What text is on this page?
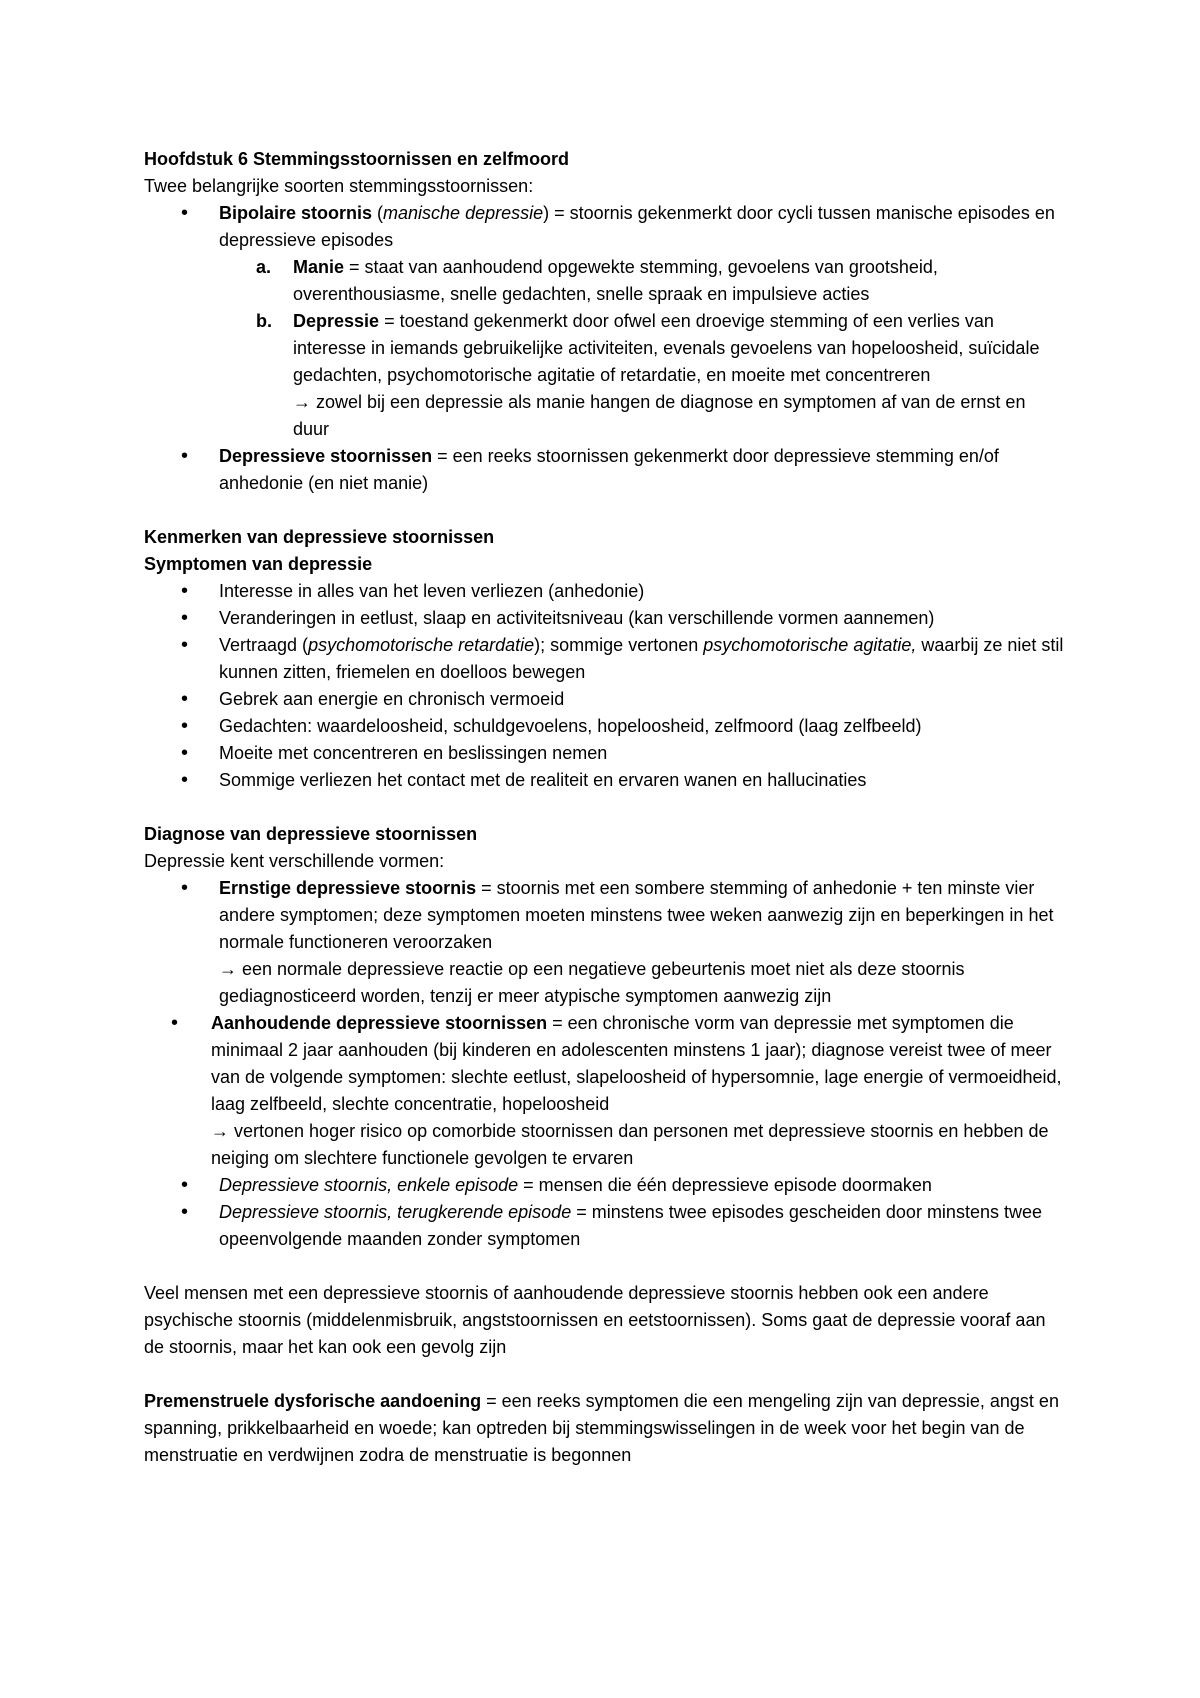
Hoofdstuk 6 Stemmingsstoornissen en zelfmoord

Twee belangrijke soorten stemmingsstoornissen:

• Bipolaire stoornis (manische depressie) = stoornis gekenmerkt door cycli tussen manische episodes en depressieve episodes
a. Manie = staat van aanhoudend opgewekte stemming, gevoelens van grootsheid, overenthousiasme, snelle gedachten, snelle spraak en impulsieve acties
b. Depressie = toestand gekenmerkt door ofwel een droevige stemming of een verlies van interesse in iemands gebruikelijke activiteiten, evenals gevoelens van hopeloosheid, suïcidale gedachten, psychomotorische agitatie of retardatie, en moeite met concentreren

→ zowel bij een depressie als manie hangen de diagnose en symptomen af van de ernst en duur

• Depressieve stoornissen = een reeks stoornissen gekenmerkt door depressieve stemming en/of anhedonie (en niet manie)

Kenmerken van depressieve stoornissen

Symptomen van depressie

• Interesse in alles van het leven verliezen (anhedonie)
• Veranderingen in eetlust, slaap en activiteitsniveau (kan verschillende vormen aannemen)
• Vertraagd (psychomotorische retardatie); sommige vertonen psychomotorische agitatie, waarbij ze niet stil kunnen zitten, friemelen en doelloos bewegen
• Gebrek aan energie en chronisch vermoeid
• Gedachten: waardeloosheid, schuldgevoelens, hopeloosheid, zelfmoord (laag zelfbeeld)
• Moeite met concentreren en beslissingen nemen
• Sommige verliezen het contact met de realiteit en ervaren wanen en hallucinaties

Diagnose van depressieve stoornissen

Depressie kent verschillende vormen:

• Ernstige depressieve stoornis = stoornis met een sombere stemming of anhedonie + ten minste vier andere symptomen; deze symptomen moeten minstens twee weken aanwezig zijn en beperkingen in het normale functioneren veroorzaken

→ een normale depressieve reactie op een negatieve gebeurtenis moet niet als deze stoornis gediagnosticeerd worden, tenzij er meer atypische symptomen aanwezig zijn

• Aanhoudende depressieve stoornissen = een chronische vorm van depressie met symptomen die minimaal 2 jaar aanhouden (bij kinderen en adolescenten minstens 1 jaar); diagnose vereist twee of meer van de volgende symptomen: slechte eetlust, slapeloosheid of hypersomnie, lage energie of vermoeidheid, laag zelfbeeld, slechte concentratie, hopeloosheid

→ vertonen hoger risico op comorbide stoornissen dan personen met depressieve stoornis en hebben de neiging om slechtere functionele gevolgen te ervaren

• Depressieve stoornis, enkele episode = mensen die één depressieve episode doormaken
• Depressieve stoornis, terugkerende episode = minstens twee episodes gescheiden door minstens twee opeenvolgende maanden zonder symptomen

Veel mensen met een depressieve stoornis of aanhoudende depressieve stoornis hebben ook een andere psychische stoornis (middelenmisbruik, angststoornissen en eetstoornissen). Soms gaat de depressie vooraf aan de stoornis, maar het kan ook een gevolg zijn

Premenstruele dysforische aandoening = een reeks symptomen die een mengeling zijn van depressie, angst en spanning, prikkelbaarheid en woede; kan optreden bij stemmingswisselingen in de week voor het begin van de menstruatie en verdwijnen zodra de menstruatie is begonnen
